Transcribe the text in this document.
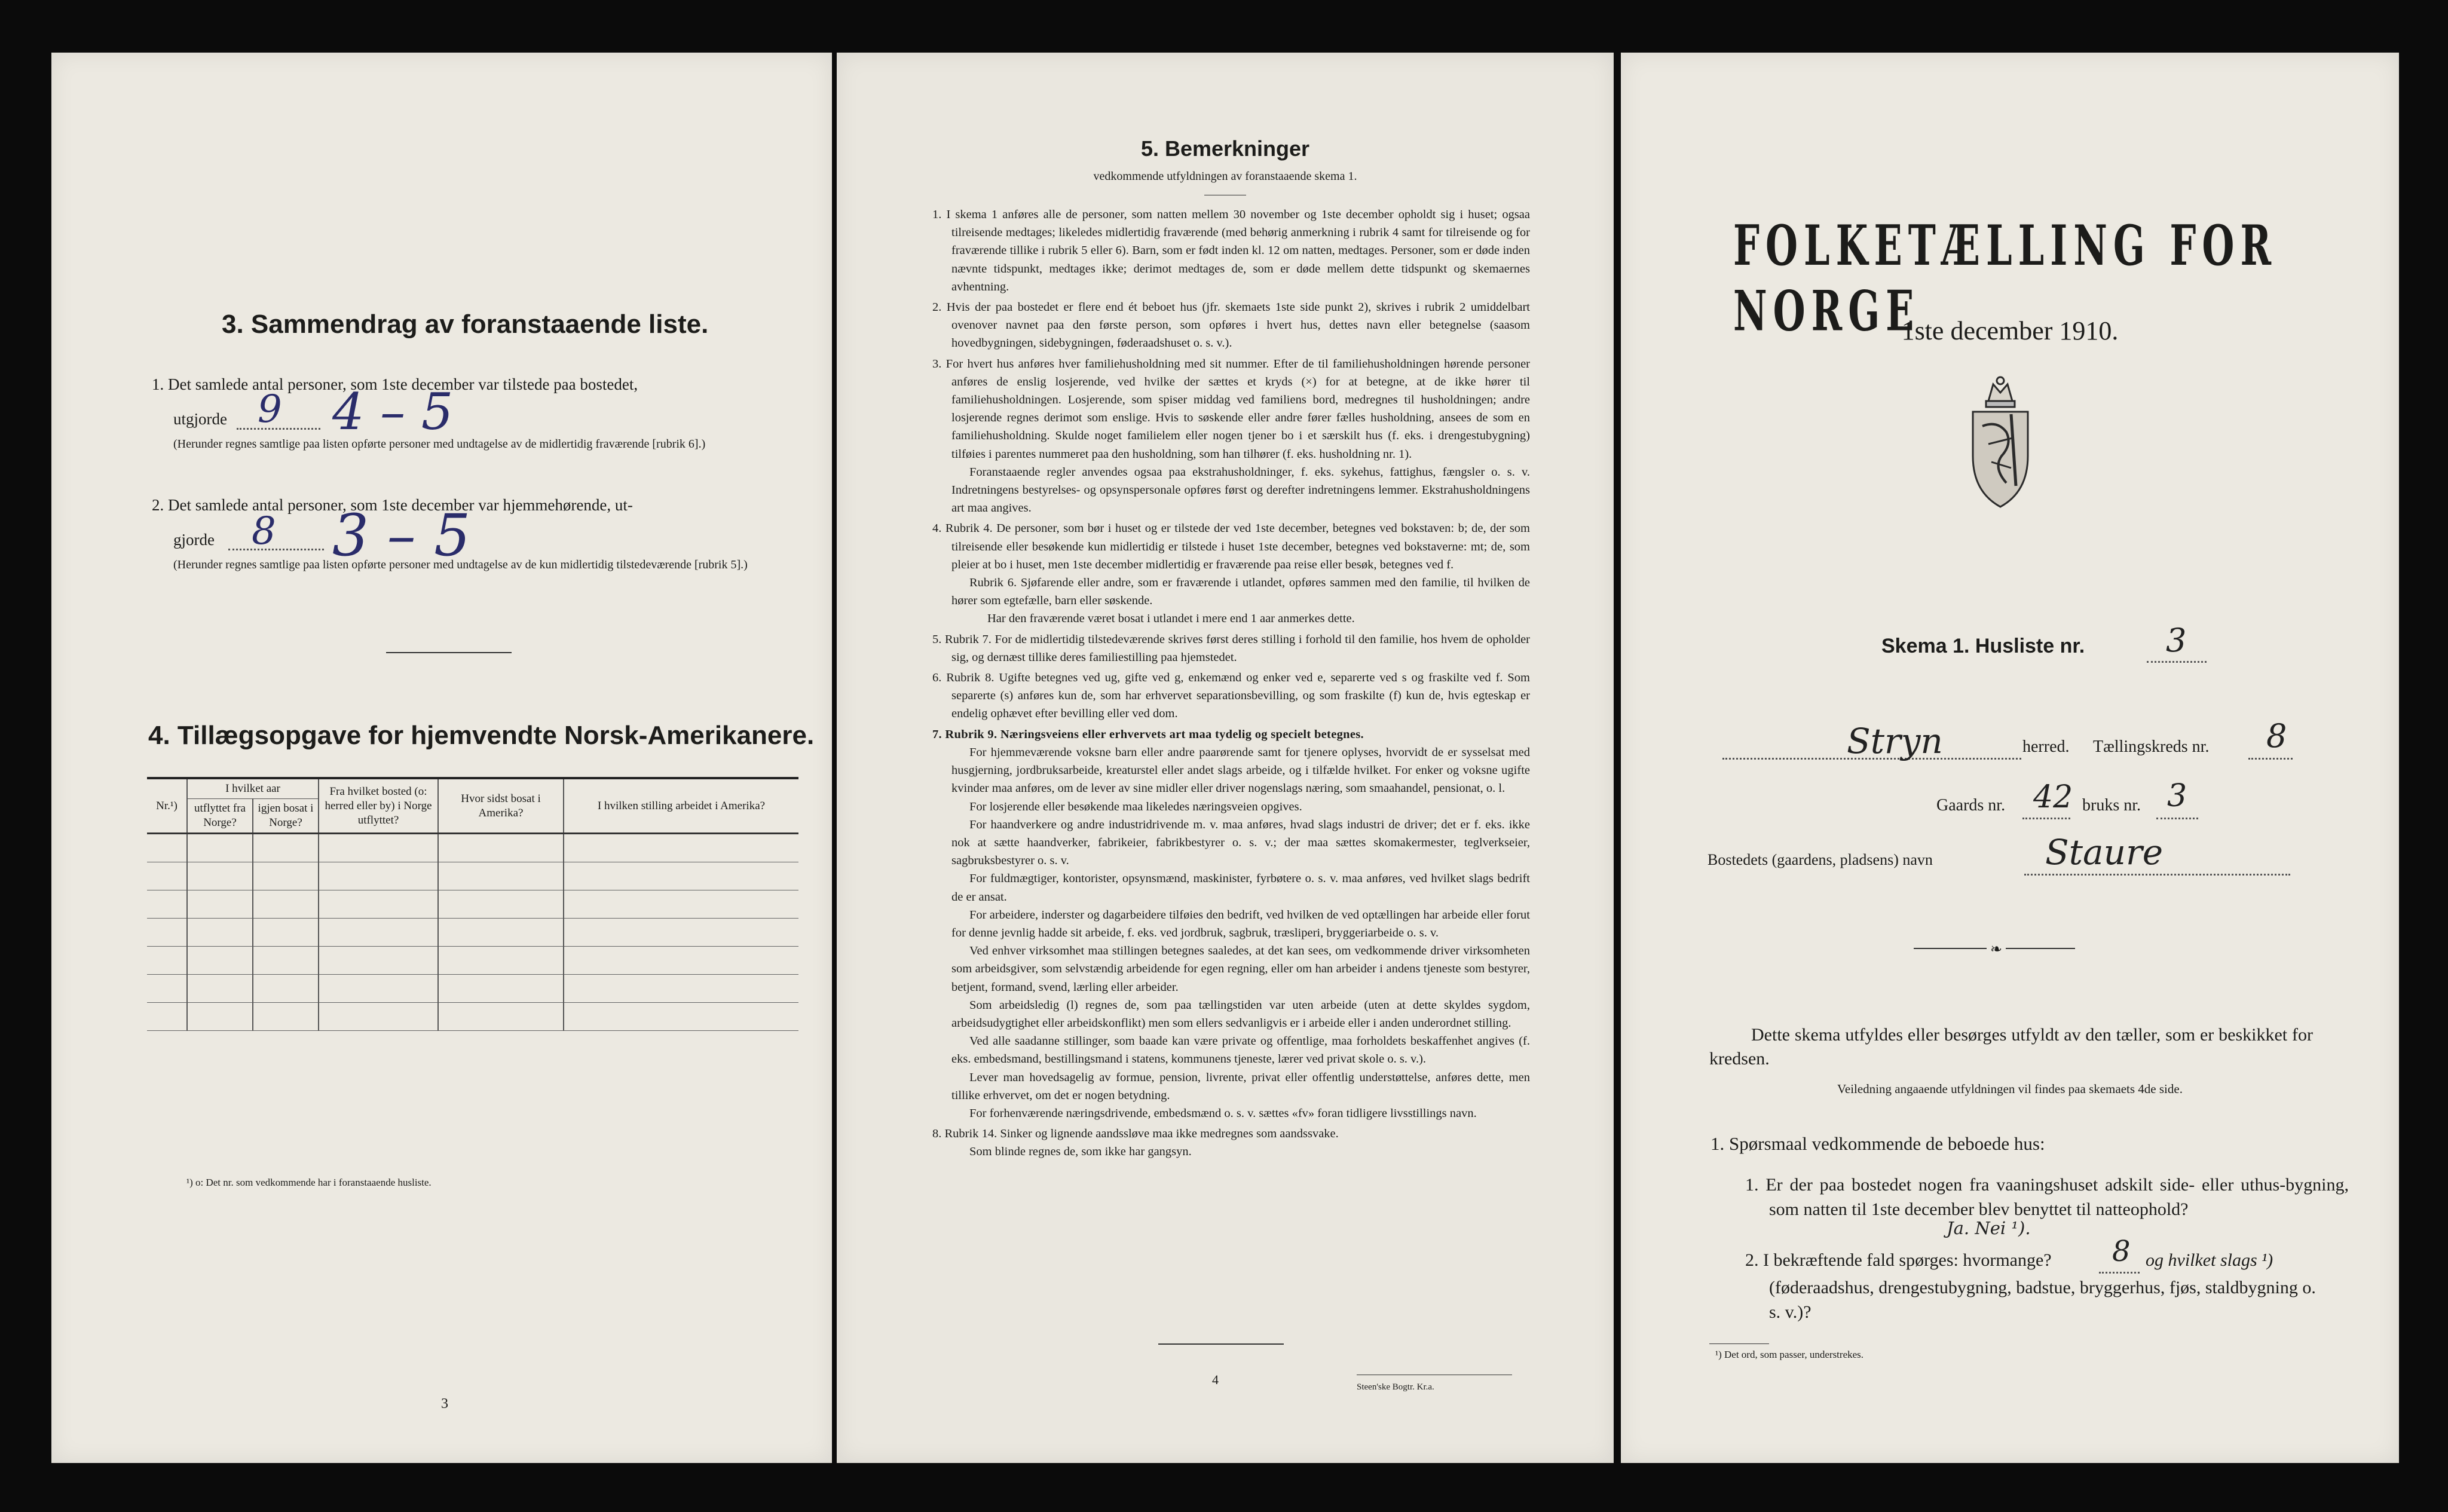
3. Sammendrag av foranstaaende liste.
1. Det samlede antal personer, som 1ste december var tilstede paa bostedet,
utgjorde 9 4 – 5
(Herunder regnes samtlige paa listen opførte personer med undtagelse av de midlertidig fraværende [rubrik 6].)
2. Det samlede antal personer, som 1ste december var hjemmehørende, ut-
gjorde 8 3 – 5
(Herunder regnes samtlige paa listen opførte personer med undtagelse av de kun midlertidig tilstedeværende [rubrik 5].)
4. Tillægsopgave for hjemvendte Norsk-Amerikanere.
Nr.¹)	I hvilket aar		Fra hvilket bosted (o: herred eller by) i Norge utflyttet?	Hvor sidst bosat i Amerika?	I hvilken stilling arbeidet i Amerika?
	utflyttet fra Norge?	igjen bosat i Norge?			

¹) o: Det nr. som vedkommende har i foranstaaende husliste.
3
5. Bemerkninger
vedkommende utfyldningen av foranstaaende skema 1.

1. I skema 1 anføres alle de personer, som natten mellem 30 november og 1ste december opholdt sig i huset; ogsaa tilreisende medtages; likeledes midlertidig fraværende (med behørig anmerkning i rubrik 4 samt for tilreisende og for fraværende tillike i rubrik 5 eller 6). Barn, som er født inden kl. 12 om natten, medtages. Personer, som er døde inden nævnte tidspunkt, medtages ikke; derimot medtages de, som er døde mellem dette tidspunkt og skemaernes avhentning.

2. Hvis der paa bostedet er flere end ét beboet hus (jfr. skemaets 1ste side punkt 2), skrives i rubrik 2 umiddelbart ovenover navnet paa den første person, som opføres i hvert hus, dettes navn eller betegnelse (saasom hovedbygningen, sidebygningen, føderaadshuset o. s. v.).

3. For hvert hus anføres hver familiehusholdning med sit nummer. Efter de til familiehusholdningen hørende personer anføres de enslig losjerende, ved hvilke der sættes et kryds (×) for at betegne, at de ikke hører til familiehusholdningen. Losjerende, som spiser middag ved familiens bord, medregnes til husholdningen; andre losjerende regnes derimot som enslige. Hvis to søskende eller andre fører fælles husholdning, ansees de som en familiehusholdning. Skulde noget familielem eller nogen tjener bo i et særskilt hus (f. eks. i drengestubygning) tilføies i parentes nummeret paa den husholdning, som han tilhører (f. eks. husholdning nr. 1).

Foranstaaende regler anvendes ogsaa paa ekstrahusholdninger, f. eks. sykehus, fattighus, fængsler o. s. v. Indretningens bestyrelses- og opsynspersonale opføres først og derefter indretningens lemmer. Ekstrahusholdningens art maa angives.

4. Rubrik 4. De personer, som bør i huset og er tilstede der ved 1ste december, betegnes ved bokstaven: b; de, der som tilreisende eller besøkende kun midlertidig er tilstede i huset 1ste december, betegnes ved bokstaverne: mt; de, som pleier at bo i huset, men 1ste december midlertidig er fraværende paa reise eller besøk, betegnes ved f.

Rubrik 6. Sjøfarende eller andre, som er fraværende i utlandet, opføres sammen med den familie, til hvilken de hører som egtefælle, barn eller søskende.

Har den fraværende været bosat i utlandet i mere end 1 aar anmerkes dette.

5. Rubrik 7. For de midlertidig tilstedeværende skrives først deres stilling i forhold til den familie, hos hvem de opholder sig, og dernæst tillike deres familiestilling paa hjemstedet.

6. Rubrik 8. Ugifte betegnes ved ug, gifte ved g, enkemænd og enker ved e, separerte ved s og fraskilte ved f. Som separerte (s) anføres kun de, som har erhvervet separationsbevilling, og som fraskilte (f) kun de, hvis egteskap er endelig ophævet efter bevilling eller ved dom.

7. Rubrik 9. Næringsveiens eller erhvervets art maa tydelig og specielt betegnes.

For hjemmeværende voksne barn eller andre paarørende samt for tjenere oplyses, hvorvidt de er sysselsat med husgjerning, jordbruksarbeide, kreaturstel eller andet slags arbeide, og i tilfælde hvilket. For enker og voksne ugifte kvinder maa anføres, om de lever av sine midler eller driver nogenslags næring, som smaahandel, pensionat, o. l.

For losjerende eller besøkende maa likeledes næringsveien opgives.

For haandverkere og andre industridrivende m. v. maa anføres, hvad slags industri de driver; det er f. eks. ikke nok at sætte haandverker, fabrikeier, fabrikbestyrer o. s. v.; der maa sættes skomakermester, teglverkseier, sagbruksbestyrer o. s. v.

For fuldmægtiger, kontorister, opsynsmænd, maskinister, fyrbøtere o. s. v. maa anføres, ved hvilket slags bedrift de er ansat.

For arbeidere, inderster og dagarbeidere tilføies den bedrift, ved hvilken de ved optællingen har arbeide eller forut for denne jevnlig hadde sit arbeide, f. eks. ved jordbruk, sagbruk, træsliperi, bryggeriarbeide o. s. v.

Ved enhver virksomhet maa stillingen betegnes saaledes, at det kan sees, om vedkommende driver virksomheten som arbeidsgiver, som selvstændig arbeidende for egen regning, eller om han arbeider i andens tjeneste som bestyrer, betjent, formand, svend, lærling eller arbeider.

Som arbeidsledig (l) regnes de, som paa tællingstiden var uten arbeide (uten at dette skyldes sygdom, arbeidsudygtighet eller arbeidskonflikt) men som ellers sedvanligvis er i arbeide eller i anden underordnet stilling.

Ved alle saadanne stillinger, som baade kan være private og offentlige, maa forholdets beskaffenhet angives (f. eks. embedsmand, bestillingsmand i statens, kommunens tjeneste, lærer ved privat skole o. s. v.).

Lever man hovedsagelig av formue, pension, livrente, privat eller offentlig understøttelse, anføres dette, men tillike erhvervet, om det er nogen betydning.

For forhenværende næringsdrivende, embedsmænd o. s. v. sættes «fv» foran tidligere livsstillings navn.

8. Rubrik 14. Sinker og lignende aandssløve maa ikke medregnes som aandssvake.

Som blinde regnes de, som ikke har gangsyn.

4	Steen'ske Bogtr. Kr.a.
FOLKETÆLLING FOR NORGE
1ste december 1910.
Skema 1. Husliste nr.	3
Stryn	herred. Tællingskreds nr. 8
Gaards nr. 42 bruks nr. 3
Bostedets (gaardens, pladsens) navn	Staure
❧
Dette skema utfyldes eller besørges utfyldt av den tæller, som er beskikket for kredsen.
Veiledning angaaende utfyldningen vil findes paa skemaets 4de side.
1. Spørsmaal vedkommende de beboede hus:
1. Er der paa bostedet nogen fra vaaningshuset adskilt side- eller uthus-bygning, som natten til 1ste december blev benyttet til natteophold?
Ja. Nei ¹).
2. I bekræftende fald spørges: hvormange? 8 og hvilket slags ¹)
(føderaadshus, drengestubygning, badstue, bryggerhus, fjøs, staldbygning o. s. v.)?
¹) Det ord, som passer, understrekes.
